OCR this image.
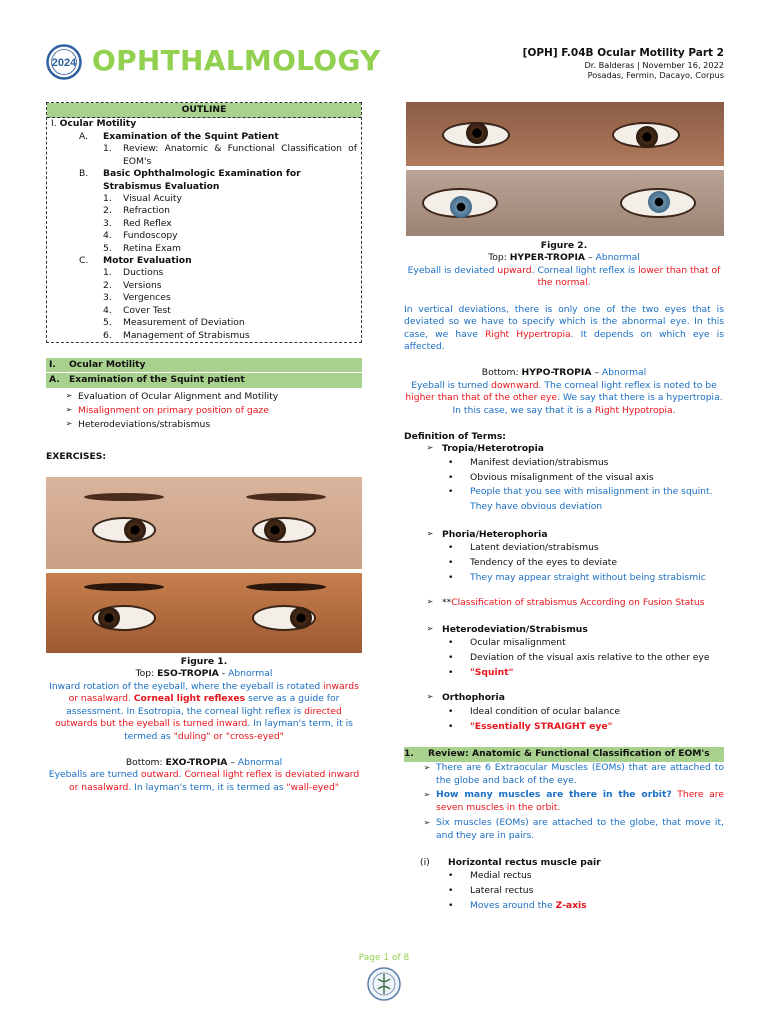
2024 OPHTHALMOLOGY	[OPH] F.04B Ocular Motility Part 2
Dr. Balderas | November 16, 2022
Posadas, Fermin, Dacayo, Corpus
OUTLINE
I. Ocular Motility
A.	Examination of the Squint Patient
1.	Review: Anatomic & Functional Classification of EOM's
B.	Basic Ophthalmologic Examination for Strabismus Evaluation
1.	Visual Acuity
2.	Refraction
3.	Red Reflex
4.	Fundoscopy
5.	Retina Exam
C.	Motor Evaluation
1.	Ductions
2.	Versions
3.	Vergences
4.	Cover Test
5.	Measurement of Deviation
6.	Management of Strabismus
I.	Ocular Motility
A.	Examination of the Squint patient
➢ Evaluation of Ocular Alignment and Motility
➢ Misalignment on primary position of gaze
➢ Heterodeviations/strabismus
EXERCISES:
Figure 1.
Top: ESO-TROPIA - Abnormal
Inward rotation of the eyeball, where the eyeball is rotated inwards or nasalward. Corneal light reflexes serve as a guide for assessment. In Esotropia, the corneal light reflex is directed outwards but the eyeball is turned inward. In layman's term, it is termed as "duling" or "cross-eyed"
Bottom: EXO-TROPIA – Abnormal
Eyeballs are turned outward. Corneal light reflex is deviated inward or nasalward. In layman's term, it is termed as "wall-eyed"
Figure 2.
Top: HYPER-TROPIA – Abnormal
Eyeball is deviated upward. Corneal light reflex is lower than that of the normal.
In vertical deviations, there is only one of the two eyes that is deviated so we have to specify which is the abnormal eye. In this case, we have Right Hypertropia. It depends on which eye is affected.
Bottom: HYPO-TROPIA – Abnormal
Eyeball is turned downward. The corneal light reflex is noted to be higher than that of the other eye. We say that there is a hypertropia. In this case, we say that it is a Right Hypotropia.
Definition of Terms:
➢ Tropia/Heterotropia
•	Manifest deviation/strabismus
•	Obvious misalignment of the visual axis
•	People that you see with misalignment in the squint. They have obvious deviation
➢ Phoria/Heterophoria
•	Latent deviation/strabismus
•	Tendency of the eyes to deviate
•	They may appear straight without being strabismic
➢ ** Classification of strabismus According on Fusion Status
➢ Heterodeviation/Strabismus
•	Ocular misalignment
•	Deviation of the visual axis relative to the other eye
•	"Squint"
➢ Orthophoria
•	Ideal condition of ocular balance
•	"Essentially STRAIGHT eye"
1.	Review: Anatomic & Functional Classification of EOM's
➢ There are 6 Extraocular Muscles (EOMs) that are attached to the globe and back of the eye.
➢ How many muscles are there in the orbit? There are seven muscles in the orbit.
➢ Six muscles (EOMs) are attached to the globe, that move it, and they are in pairs.
(i)	Horizontal rectus muscle pair
•	Medial rectus
•	Lateral rectus
•	Moves around the Z-axis
Page 1 of 8
